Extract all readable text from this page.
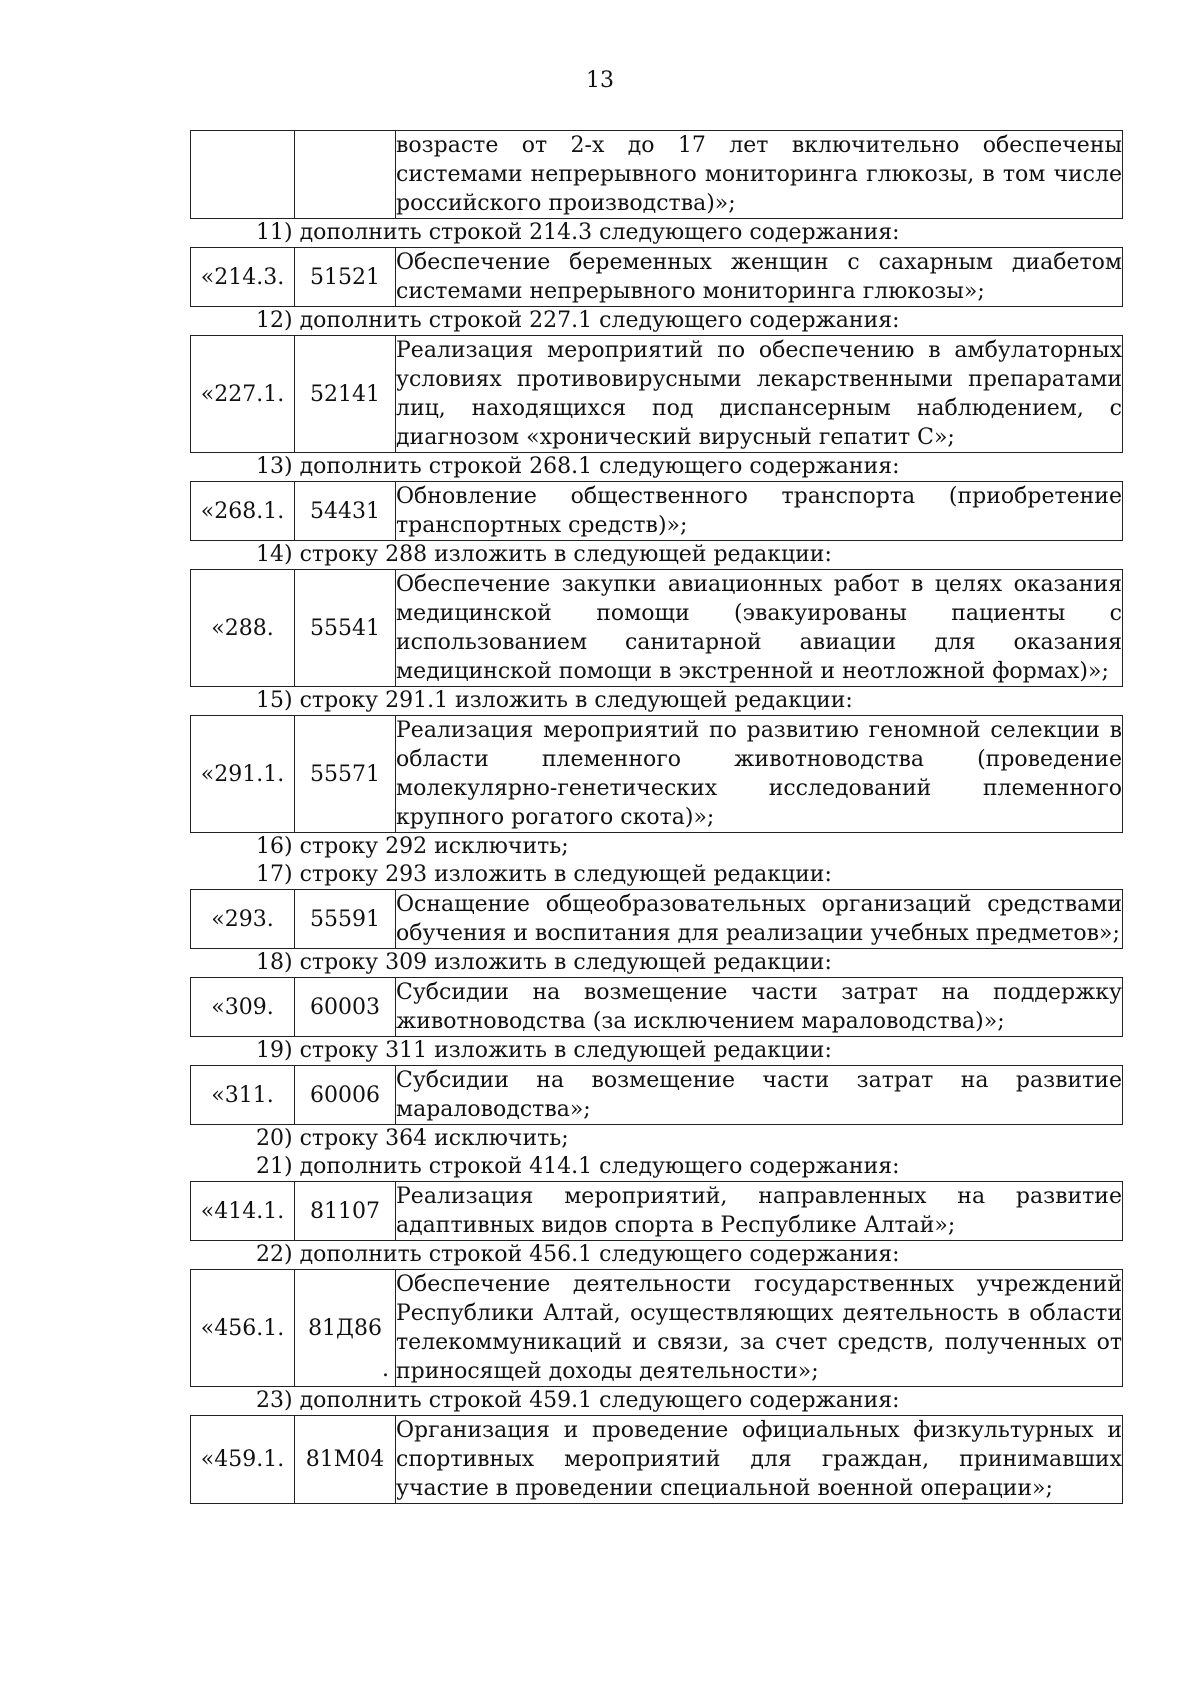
13
		возрасте от 2-х до 17 лет включительно обеспечены системами непрерывного мониторинга глюкозы, в том числе российского производства)»;

11) дополнить строкой 214.3 следующего содержания:

«214.3.	51521	Обеспечение беременных женщин с сахарным диабетом системами непрерывного мониторинга глюкозы»;

12) дополнить строкой 227.1 следующего содержания:

«227.1.	52141	Реализация мероприятий по обеспечению в амбулаторных условиях противовирусными лекарственными препаратами лиц, находящихся под диспансерным наблюдением, с диагнозом «хронический вирусный гепатит С»;

13) дополнить строкой 268.1 следующего содержания:

«268.1.	54431	Обновление общественного транспорта (приобретение транспортных средств)»;

14) строку 288 изложить в следующей редакции:

«288.	55541	Обеспечение закупки авиационных работ в целях оказания медицинской помощи (эвакуированы пациенты с использованием санитарной авиации для оказания медицинской помощи в экстренной и неотложной формах)»;

15) строку 291.1 изложить в следующей редакции:

«291.1.	55571	Реализация мероприятий по развитию геномной селекции в области племенного животноводства (проведение молекулярно-генетических исследований племенного крупного рогатого скота)»;

16) строку 292 исключить;

17) строку 293 изложить в следующей редакции:

«293.	55591	Оснащение общеобразовательных организаций средствами обучения и воспитания для реализации учебных предметов»;

18) строку 309 изложить в следующей редакции:

«309.	60003	Субсидии на возмещение части затрат на поддержку животноводства (за исключением мараловодства)»;

19) строку 311 изложить в следующей редакции:

«311.	60006	Субсидии на возмещение части затрат на развитие мараловодства»;

20) строку 364 исключить;

21) дополнить строкой 414.1 следующего содержания:

«414.1.	81107	Реализация мероприятий, направленных на развитие адаптивных видов спорта в Республике Алтай»;

22) дополнить строкой 456.1 следующего содержания:

«456.1.	81Д86
.
	Обеспечение деятельности государственных учреждений Республики Алтай, осуществляющих деятельность в области телекоммуникаций и связи, за счет средств, полученных от приносящей доходы деятельности»;

23) дополнить строкой 459.1 следующего содержания:

«459.1.	81М04	Организация и проведение официальных физкультурных и спортивных мероприятий для граждан, принимавших участие в проведении специальной военной операции»;
